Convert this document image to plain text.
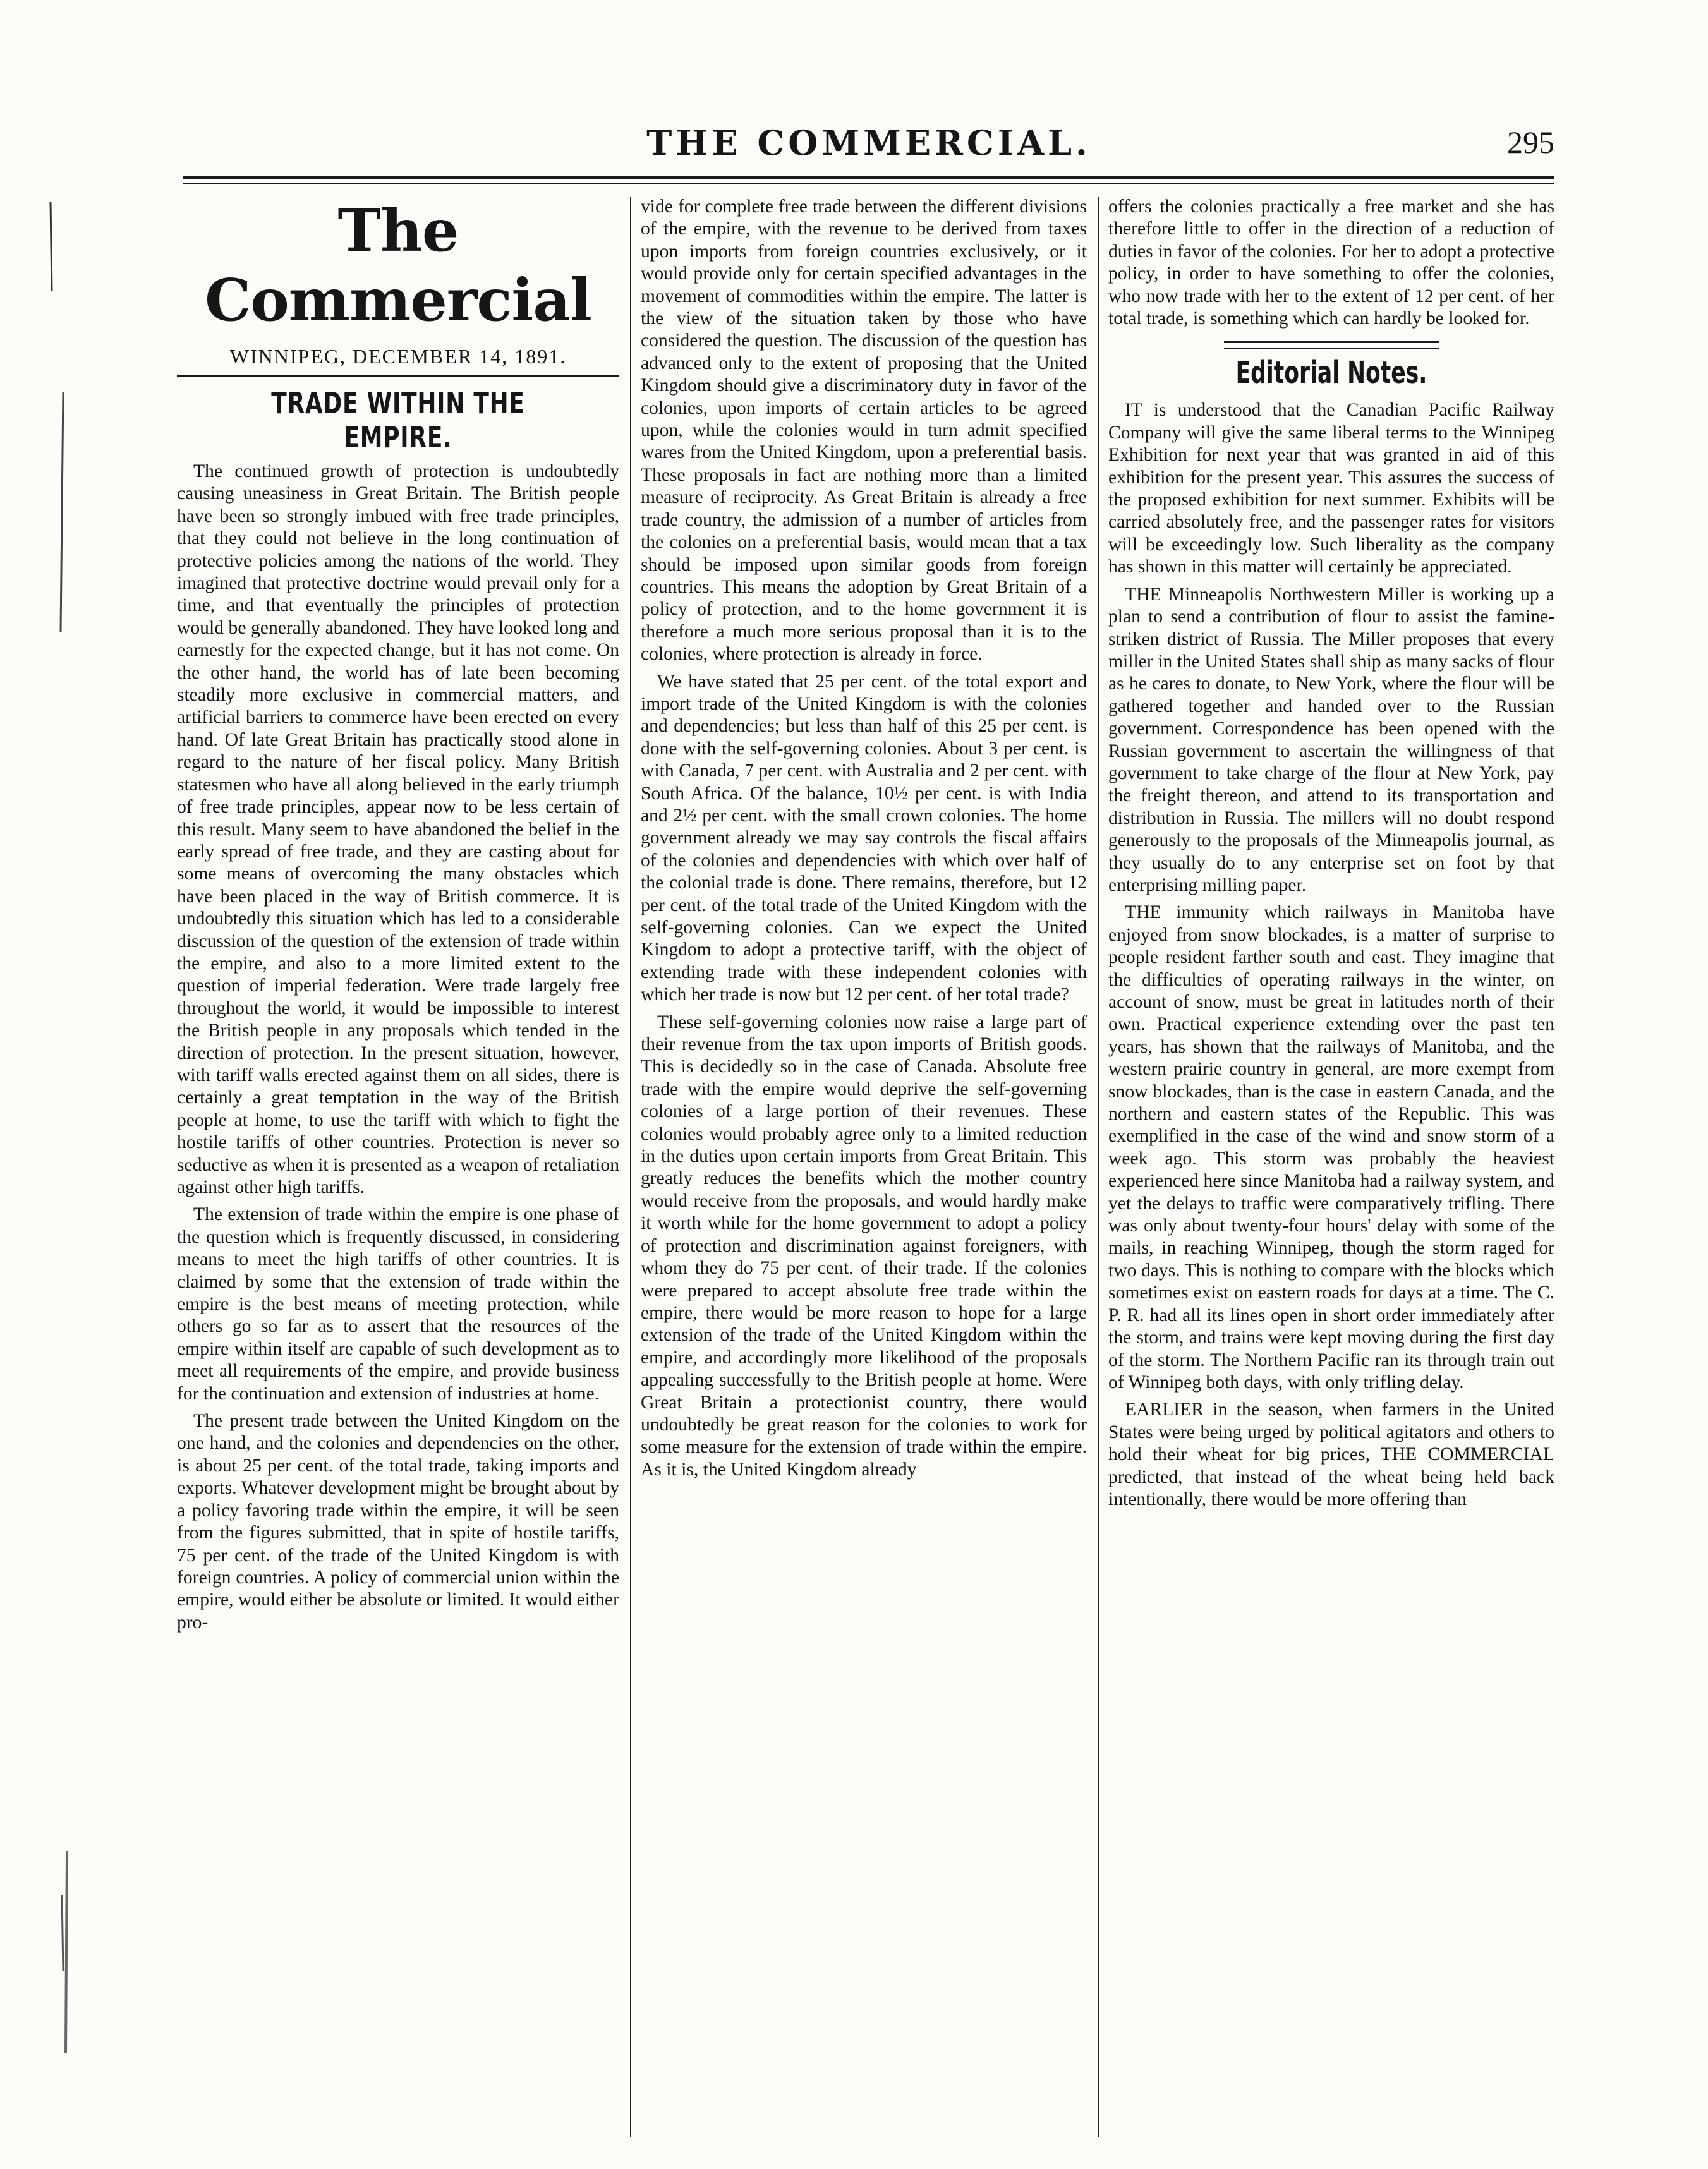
THE COMMERCIAL.	295
The Commercial
WINNIPEG, DECEMBER 14, 1891.
TRADE WITHIN THE EMPIRE.

The continued growth of protection is undoubtedly causing uneasiness in Great Britain. The British people have been so strongly imbued with free trade principles, that they could not believe in the long continuation of protective policies among the nations of the world. They imagined that protective doctrine would prevail only for a time, and that eventually the principles of protection would be generally abandoned. They have looked long and earnestly for the expected change, but it has not come. On the other hand, the world has of late been becoming steadily more exclusive in commercial matters, and artificial barriers to commerce have been erected on every hand. Of late Great Britain has practically stood alone in regard to the nature of her fiscal policy. Many British statesmen who have all along believed in the early triumph of free trade principles, appear now to be less certain of this result. Many seem to have abandoned the belief in the early spread of free trade, and they are casting about for some means of overcoming the many obstacles which have been placed in the way of British commerce. It is undoubtedly this situation which has led to a considerable discussion of the question of the extension of trade within the empire, and also to a more limited extent to the question of imperial federation. Were trade largely free throughout the world, it would be impossible to interest the British people in any proposals which tended in the direction of protection. In the present situation, however, with tariff walls erected against them on all sides, there is certainly a great temptation in the way of the British people at home, to use the tariff with which to fight the hostile tariffs of other countries. Protection is never so seductive as when it is presented as a weapon of retaliation against other high tariffs.

The extension of trade within the empire is one phase of the question which is frequently discussed, in considering means to meet the high tariffs of other countries. It is claimed by some that the extension of trade within the empire is the best means of meeting protection, while others go so far as to assert that the resources of the empire within itself are capable of such development as to meet all requirements of the empire, and provide business for the continuation and extension of industries at home.

The present trade between the United Kingdom on the one hand, and the colonies and dependencies on the other, is about 25 per cent. of the total trade, taking imports and exports. Whatever development might be brought about by a policy favoring trade within the empire, it will be seen from the figures submitted, that in spite of hostile tariffs, 75 per cent. of the trade of the United Kingdom is with foreign countries. A policy of commercial union within the empire, would either be absolute or limited. It would either pro-

vide for complete free trade between the different divisions of the empire, with the revenue to be derived from taxes upon imports from foreign countries exclusively, or it would provide only for certain specified advantages in the movement of commodities within the empire. The latter is the view of the situation taken by those who have considered the question. The discussion of the question has advanced only to the extent of proposing that the United Kingdom should give a discriminatory duty in favor of the colonies, upon imports of certain articles to be agreed upon, while the colonies would in turn admit specified wares from the United Kingdom, upon a preferential basis. These proposals in fact are nothing more than a limited measure of reciprocity. As Great Britain is already a free trade country, the admission of a number of articles from the colonies on a preferential basis, would mean that a tax should be imposed upon similar goods from foreign countries. This means the adoption by Great Britain of a policy of protection, and to the home government it is therefore a much more serious proposal than it is to the colonies, where protection is already in force.

We have stated that 25 per cent. of the total export and import trade of the United Kingdom is with the colonies and dependencies; but less than half of this 25 per cent. is done with the self-governing colonies. About 3 per cent. is with Canada, 7 per cent. with Australia and 2 per cent. with South Africa. Of the balance, 10½ per cent. is with India and 2½ per cent. with the small crown colonies. The home government already we may say controls the fiscal affairs of the colonies and dependencies with which over half of the colonial trade is done. There remains, therefore, but 12 per cent. of the total trade of the United Kingdom with the self-governing colonies. Can we expect the United Kingdom to adopt a protective tariff, with the object of extending trade with these independent colonies with which her trade is now but 12 per cent. of her total trade?

These self-governing colonies now raise a large part of their revenue from the tax upon imports of British goods. This is decidedly so in the case of Canada. Absolute free trade with the empire would deprive the self-governing colonies of a large portion of their revenues. These colonies would probably agree only to a limited reduction in the duties upon certain imports from Great Britain. This greatly reduces the benefits which the mother country would receive from the proposals, and would hardly make it worth while for the home government to adopt a policy of protection and discrimination against foreigners, with whom they do 75 per cent. of their trade. If the colonies were prepared to accept absolute free trade within the empire, there would be more reason to hope for a large extension of the trade of the United Kingdom within the empire, and accordingly more likelihood of the proposals appealing successfully to the British people at home. Were Great Britain a protectionist country, there would undoubtedly be great reason for the colonies to work for some measure for the extension of trade within the empire. As it is, the United Kingdom already

offers the colonies practically a free market and she has therefore little to offer in the direction of a reduction of duties in favor of the colonies. For her to adopt a protective policy, in order to have something to offer the colonies, who now trade with her to the extent of 12 per cent. of her total trade, is something which can hardly be looked for.

Editorial Notes.

IT is understood that the Canadian Pacific Railway Company will give the same liberal terms to the Winnipeg Exhibition for next year that was granted in aid of this exhibition for the present year. This assures the success of the proposed exhibition for next summer. Exhibits will be carried absolutely free, and the passenger rates for visitors will be exceedingly low. Such liberality as the company has shown in this matter will certainly be appreciated.

THE Minneapolis Northwestern Miller is working up a plan to send a contribution of flour to assist the famine-striken district of Russia. The Miller proposes that every miller in the United States shall ship as many sacks of flour as he cares to donate, to New York, where the flour will be gathered together and handed over to the Russian government. Correspondence has been opened with the Russian government to ascertain the willingness of that government to take charge of the flour at New York, pay the freight thereon, and attend to its transportation and distribution in Russia. The millers will no doubt respond generously to the proposals of the Minneapolis journal, as they usually do to any enterprise set on foot by that enterprising milling paper.

THE immunity which railways in Manitoba have enjoyed from snow blockades, is a matter of surprise to people resident farther south and east. They imagine that the difficulties of operating railways in the winter, on account of snow, must be great in latitudes north of their own. Practical experience extending over the past ten years, has shown that the railways of Manitoba, and the western prairie country in general, are more exempt from snow blockades, than is the case in eastern Canada, and the northern and eastern states of the Republic. This was exemplified in the case of the wind and snow storm of a week ago. This storm was probably the heaviest experienced here since Manitoba had a railway system, and yet the delays to traffic were comparatively trifling. There was only about twenty-four hours' delay with some of the mails, in reaching Winnipeg, though the storm raged for two days. This is nothing to compare with the blocks which sometimes exist on eastern roads for days at a time. The C. P. R. had all its lines open in short order immediately after the storm, and trains were kept moving during the first day of the storm. The Northern Pacific ran its through train out of Winnipeg both days, with only trifling delay.

EARLIER in the season, when farmers in the United States were being urged by political agitators and others to hold their wheat for big prices, THE COMMERCIAL predicted, that instead of the wheat being held back intentionally, there would be more offering than
